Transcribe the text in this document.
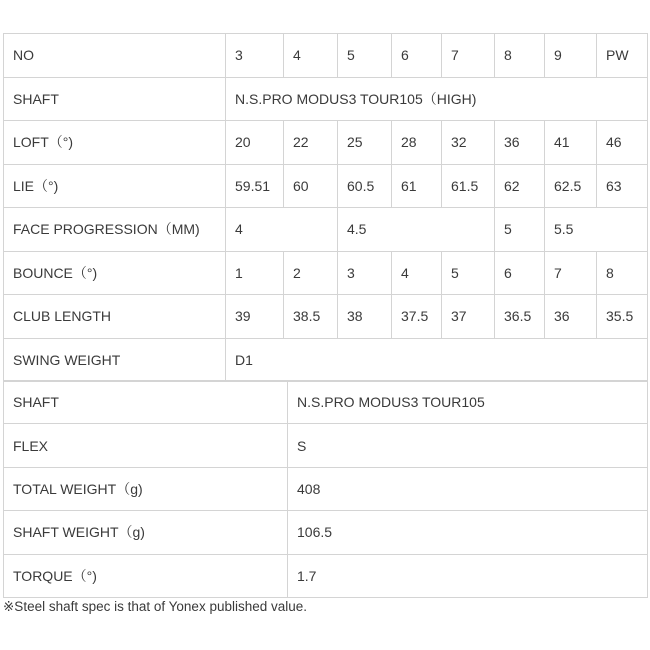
NO	3	4	5	6	7	8	9	PW
SHAFT	N.S.PRO MODUS3 TOUR105（HIGH)							
LOFT（°)	20	22	25	28	32	36	41	46
LIE（°)	59.51	60	60.5	61	61.5	62	62.5	63
FACE PROGRESSION（MM)	4		4.5			5	5.5	
BOUNCE（°)	1	2	3	4	5	6	7	8
CLUB LENGTH	39	38.5	38	37.5	37	36.5	36	35.5
SWING WEIGHT	D1							
SHAFT	N.S.PRO MODUS3 TOUR105
FLEX	S
TOTAL WEIGHT（g)	408
SHAFT WEIGHT（g)	106.5
TORQUE（°)	1.7
※Steel shaft spec is that of Yonex published value.
